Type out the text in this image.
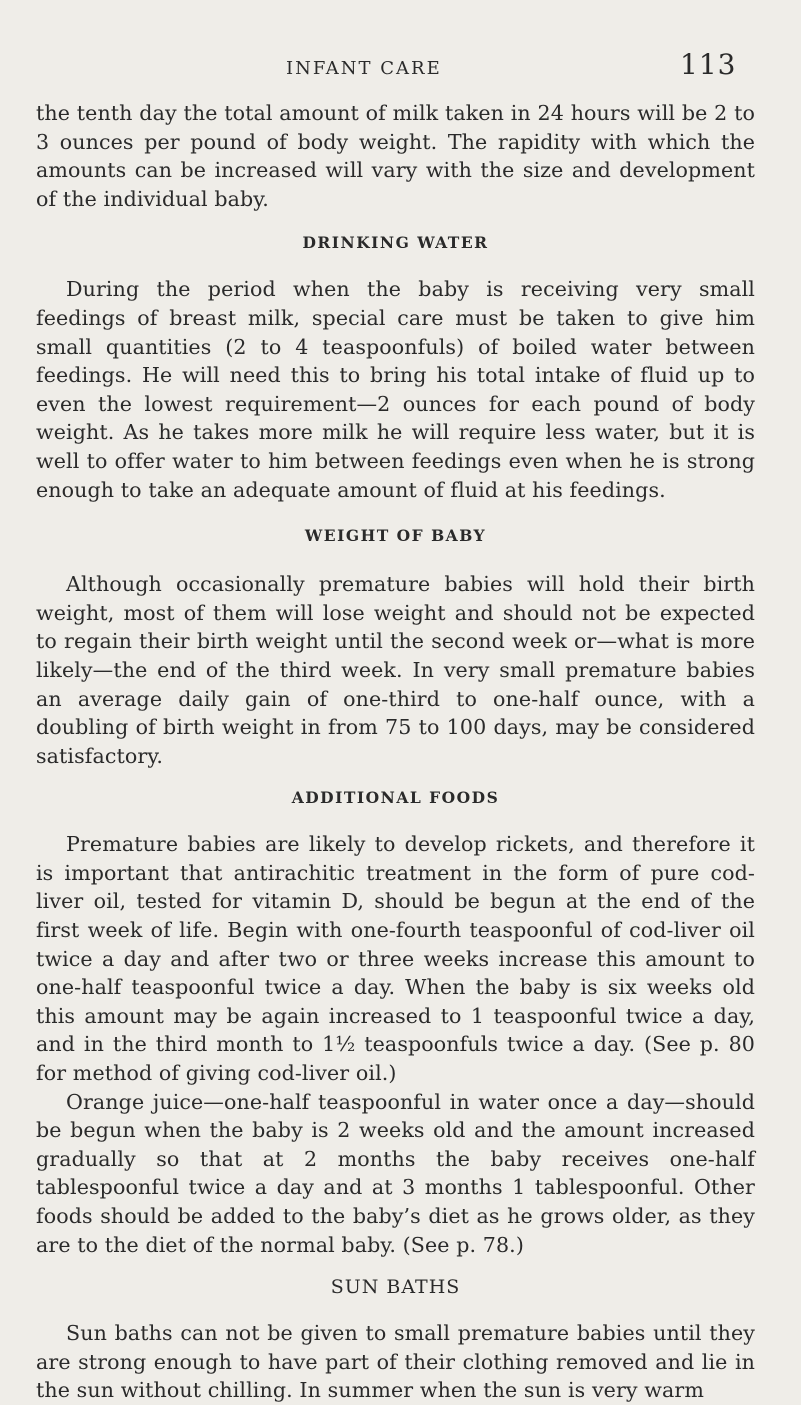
INFANT CARE	113

the tenth day the total amount of milk taken in 24 hours will be 2 to 3 ounces per pound of body weight. The rapidity with which the amounts can be increased will vary with the size and development of the individual baby.

DRINKING WATER

During the period when the baby is receiving very small feedings of breast milk, special care must be taken to give him small quantities (2 to 4 teaspoonfuls) of boiled water between feedings. He will need this to bring his total intake of fluid up to even the lowest requirement—2 ounces for each pound of body weight. As he takes more milk he will require less water, but it is well to offer water to him between feedings even when he is strong enough to take an adequate amount of fluid at his feedings.

WEIGHT OF BABY

Although occasionally premature babies will hold their birth weight, most of them will lose weight and should not be expected to regain their birth weight until the second week or—what is more likely—the end of the third week. In very small premature babies an average daily gain of one-third to one-half ounce, with a doubling of birth weight in from 75 to 100 days, may be considered satisfactory.

ADDITIONAL FOODS

Premature babies are likely to develop rickets, and therefore it is important that antirachitic treatment in the form of pure cod-liver oil, tested for vitamin D, should be begun at the end of the first week of life. Begin with one-fourth teaspoonful of cod-liver oil twice a day and after two or three weeks increase this amount to one-half teaspoonful twice a day. When the baby is six weeks old this amount may be again increased to 1 teaspoonful twice a day, and in the third month to 1½ teaspoonfuls twice a day. (See p. 80 for method of giving cod-liver oil.)

Orange juice—one-half teaspoonful in water once a day—should be begun when the baby is 2 weeks old and the amount increased gradually so that at 2 months the baby receives one-half tablespoonful twice a day and at 3 months 1 tablespoonful. Other foods should be added to the baby’s diet as he grows older, as they are to the diet of the normal baby. (See p. 78.)

SUN BATHS

Sun baths can not be given to small premature babies until they are strong enough to have part of their clothing removed and lie in the sun without chilling. In summer when the sun is very warm
